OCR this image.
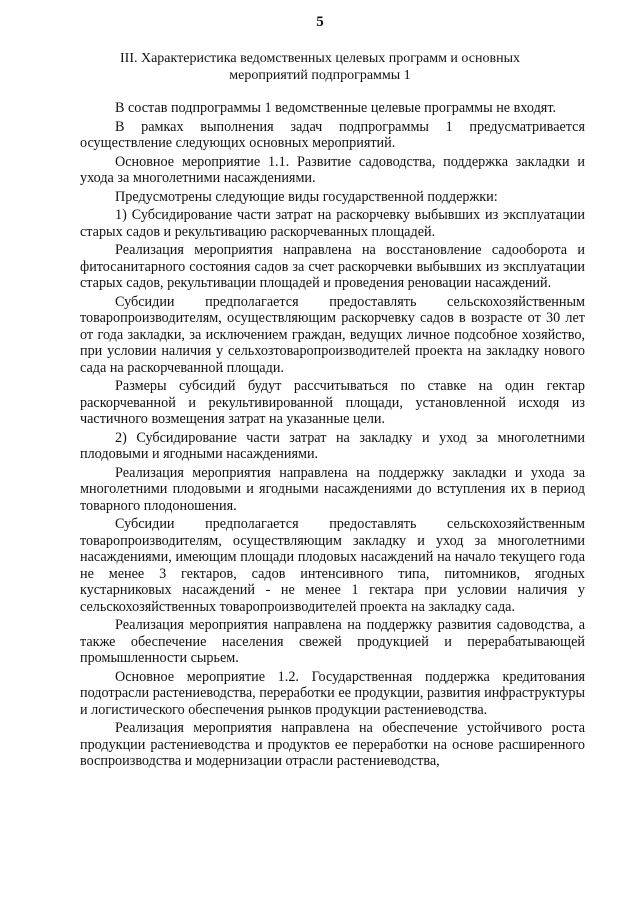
5
III. Характеристика ведомственных целевых программ и основных мероприятий подпрограммы 1

В состав подпрограммы 1 ведомственные целевые программы не входят.

В рамках выполнения задач подпрограммы 1 предусматривается осуществление следующих основных мероприятий.

Основное мероприятие 1.1. Развитие садоводства, поддержка закладки и ухода за многолетними насаждениями.

Предусмотрены следующие виды государственной поддержки:

1) Субсидирование части затрат на раскорчевку выбывших из эксплуатации старых садов и рекультивацию раскорчеванных площадей.

Реализация мероприятия направлена на восстановление садооборота и фитосанитарного состояния садов за счет раскорчевки выбывших из эксплуатации старых садов, рекультивации площадей и проведения реновации насаждений.

Субсидии предполагается предоставлять сельскохозяйственным товаропроизводителям, осуществляющим раскорчевку садов в возрасте от 30 лет от года закладки, за исключением граждан, ведущих личное подсобное хозяйство, при условии наличия у сельхозтоваропроизводителей проекта на закладку нового сада на раскорчеванной площади.

Размеры субсидий будут рассчитываться по ставке на один гектар раскорчеванной и рекультивированной площади, установленной исходя из частичного возмещения затрат на указанные цели.

2) Субсидирование части затрат на закладку и уход за многолетними плодовыми и ягодными насаждениями.

Реализация мероприятия направлена на поддержку закладки и ухода за многолетними плодовыми и ягодными насаждениями до вступления их в период товарного плодоношения.

Субсидии предполагается предоставлять сельскохозяйственным товаропроизводителям, осуществляющим закладку и уход за многолетними насаждениями, имеющим площади плодовых насаждений на начало текущего года не менее 3 гектаров, садов интенсивного типа, питомников, ягодных кустарниковых насаждений - не менее 1 гектара при условии наличия у сельскохозяйственных товаропроизводителей проекта на закладку сада.

Реализация мероприятия направлена на поддержку развития садоводства, а также обеспечение населения свежей продукцией и перерабатывающей промышленности сырьем.

Основное мероприятие 1.2. Государственная поддержка кредитования подотрасли растениеводства, переработки ее продукции, развития инфраструктуры и логистического обеспечения рынков продукции растениеводства.

Реализация мероприятия направлена на обеспечение устойчивого роста продукции растениеводства и продуктов ее переработки на основе расширенного воспроизводства и модернизации отрасли растениеводства,
